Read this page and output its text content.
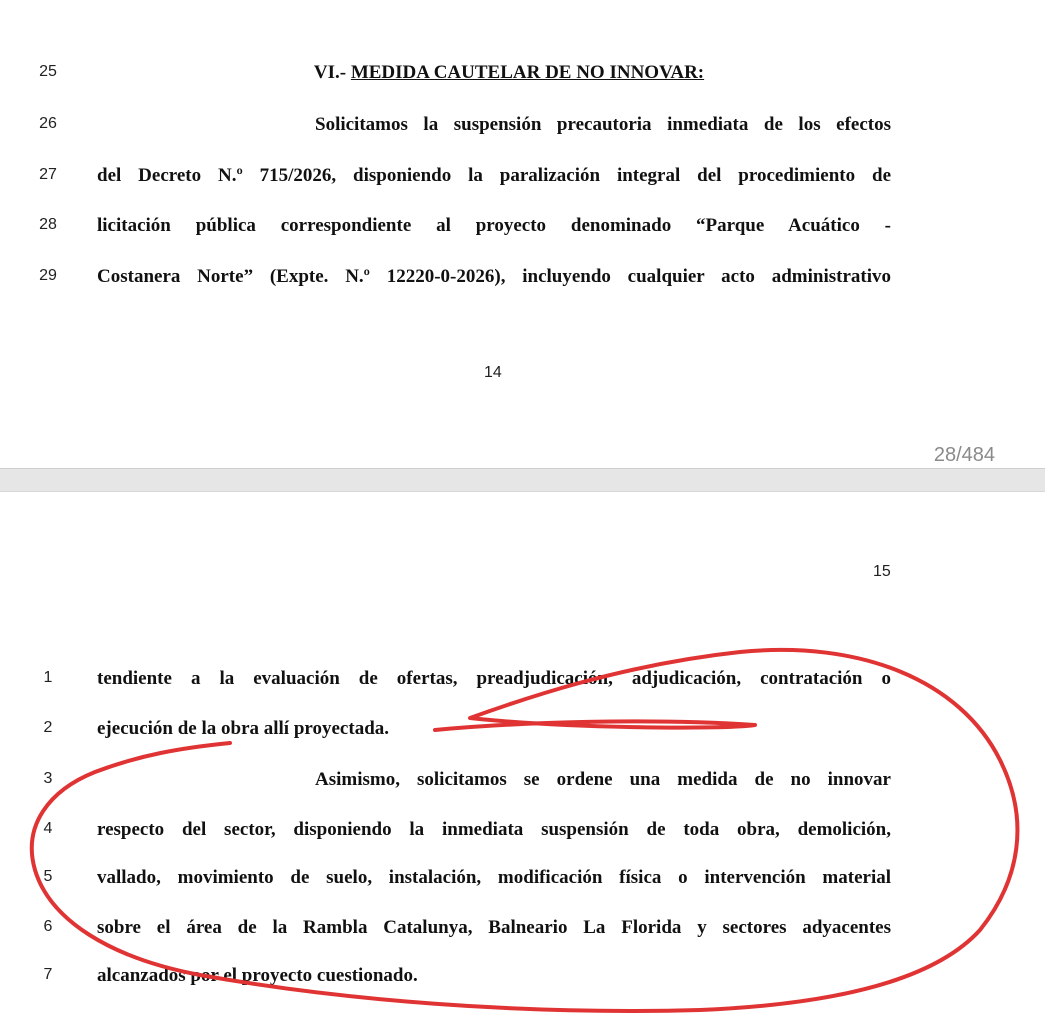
25	VI.- MEDIDA CAUTELAR DE NO INNOVAR:
26	Solicitamos la suspensión precautoria inmediata de los efectos
27	del Decreto N.º 715/2026, disponiendo la paralización integral del procedimiento de
28	licitación pública correspondiente al proyecto denominado “Parque Acuático -
29	Costanera Norte” (Expte. N.º 12220-0-2026), incluyendo cualquier acto administrativo
14
28/484
15
1	tendiente a la evaluación de ofertas, preadjudicación, adjudicación, contratación o
2	ejecución de la obra allí proyectada.
3	Asimismo, solicitamos se ordene una medida de no innovar
4	respecto del sector, disponiendo la inmediata suspensión de toda obra, demolición,
5	vallado, movimiento de suelo, instalación, modificación física o intervención material
6	sobre el área de la Rambla Catalunya, Balneario La Florida y sectores adyacentes
7	alcanzados por el proyecto cuestionado.
